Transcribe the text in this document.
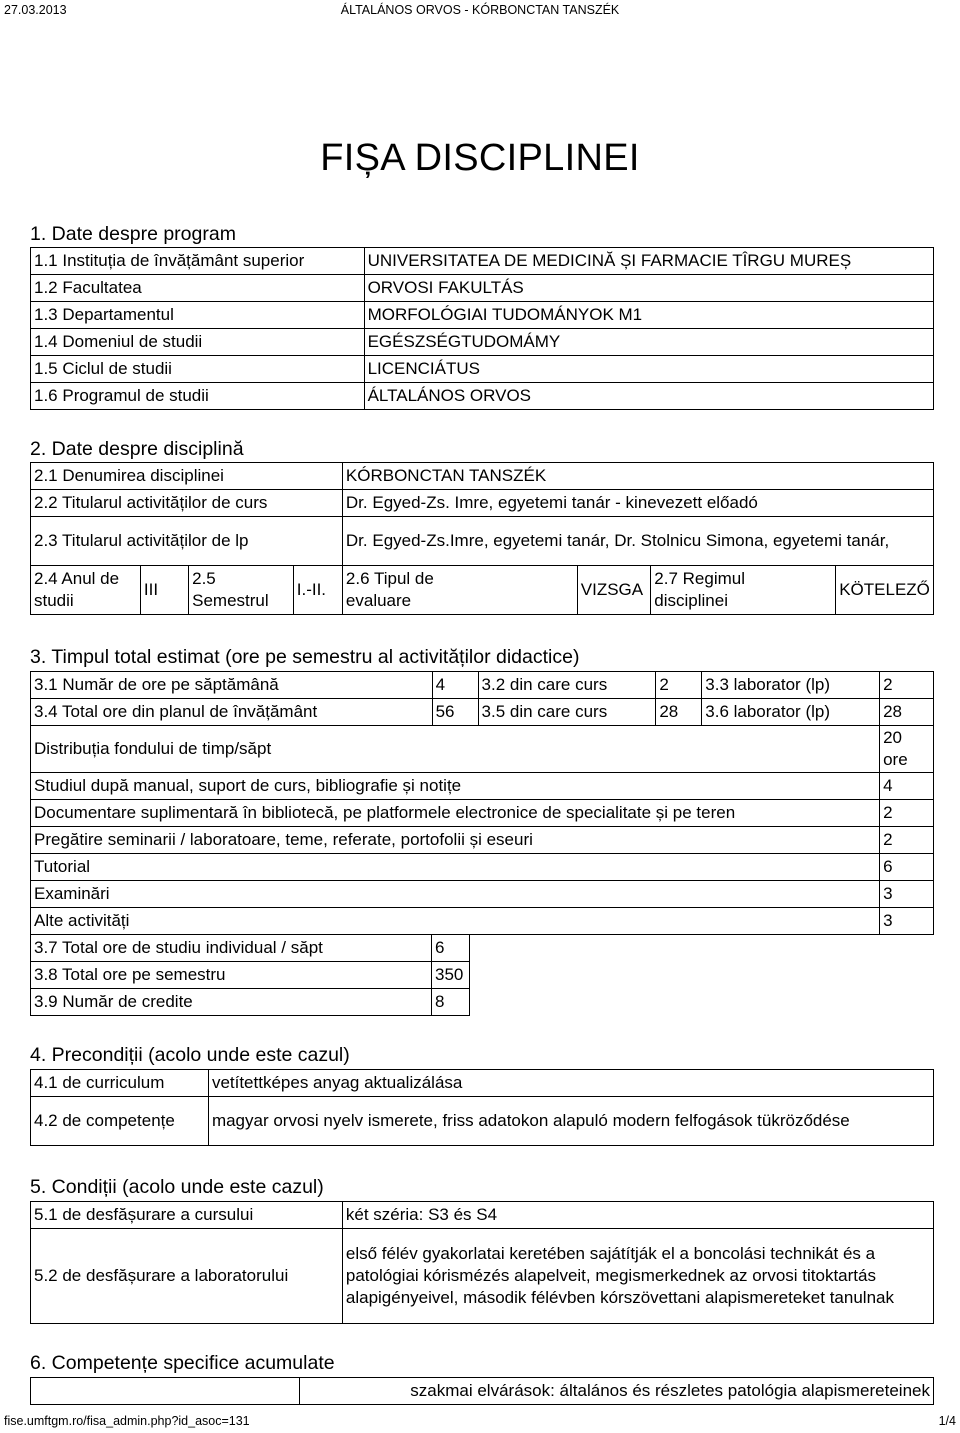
27.03.2013	ÁLTALÁNOS ORVOS - KÓRBONCTAN TANSZÉK
FIȘA DISCIPLINEI
1. Date despre program
1.1 Instituția de învățământ superior	UNIVERSITATEA DE MEDICINĂ ȘI FARMACIE TÎRGU MUREȘ
1.2 Facultatea	ORVOSI FAKULTÁS
1.3 Departamentul	MORFOLÓGIAI TUDOMÁNYOK M1
1.4 Domeniul de studii	EGÉSZSÉGTUDOMÁMY
1.5 Ciclul de studii	LICENCIÁTUS
1.6 Programul de studii	ÁLTALÁNOS ORVOS
2. Date despre disciplină
2.1 Denumirea disciplinei				KÓRBONCTAN TANSZÉK			
2.2 Titularul activităților de curs				Dr. Egyed-Zs. Imre, egyetemi tanár - kinevezett előadó			
2.3 Titularul activităților de lp				Dr. Egyed-Zs.Imre, egyetemi tanár, Dr. Stolnicu Simona, egyetemi tanár,			
2.4 Anul de studii	III	2.5 Semestrul	I.-II.	2.6 Tipul de evaluare	VIZSGA	2.7 Regimul disciplinei	KÖTELEZŐ
3. Timpul total estimat (ore pe semestru al activităților didactice)
3.1 Număr de ore pe săptămână	4	3.2 din care curs	2	3.3 laborator (lp)	2
3.4 Total ore din planul de învățământ	56	3.5 din care curs	28	3.6 laborator (lp)	28
Distribuția fondului de timp/săpt					20 ore
Studiul după manual, suport de curs, bibliografie și notițe					4
Documentare suplimentară în bibliotecă, pe platformele electronice de specialitate și pe teren					2
Pregătire seminarii / laboratoare, teme, referate, portofolii și eseuri					2
Tutorial					6
Examinări					3
Alte activități					3
3.7 Total ore de studiu individual / săpt	6
3.8 Total ore pe semestru	350
3.9 Număr de credite	8
4. Precondiții (acolo unde este cazul)
4.1 de curriculum	vetítettképes anyag aktualizálása
4.2 de competențe	magyar orvosi nyelv ismerete, friss adatokon alapuló modern felfogások tükröződése
5. Condiții (acolo unde este cazul)
5.1 de desfășurare a cursului	két széria: S3 és S4
5.2 de desfășurare a laboratorului	első félév gyakorlatai keretében sajátítják el a boncolási technikát és a patológiai kórismézés alapelveit, megismerkednek az orvosi titoktartás alapigényeivel, második félévben kórszövettani alapismereteket tanulnak
6. Competențe specifice acumulate
	szakmai elvárások: általános és részletes patológia alapismereteinek
fise.umftgm.ro/fisa_admin.php?id_asoc=131	1/4
